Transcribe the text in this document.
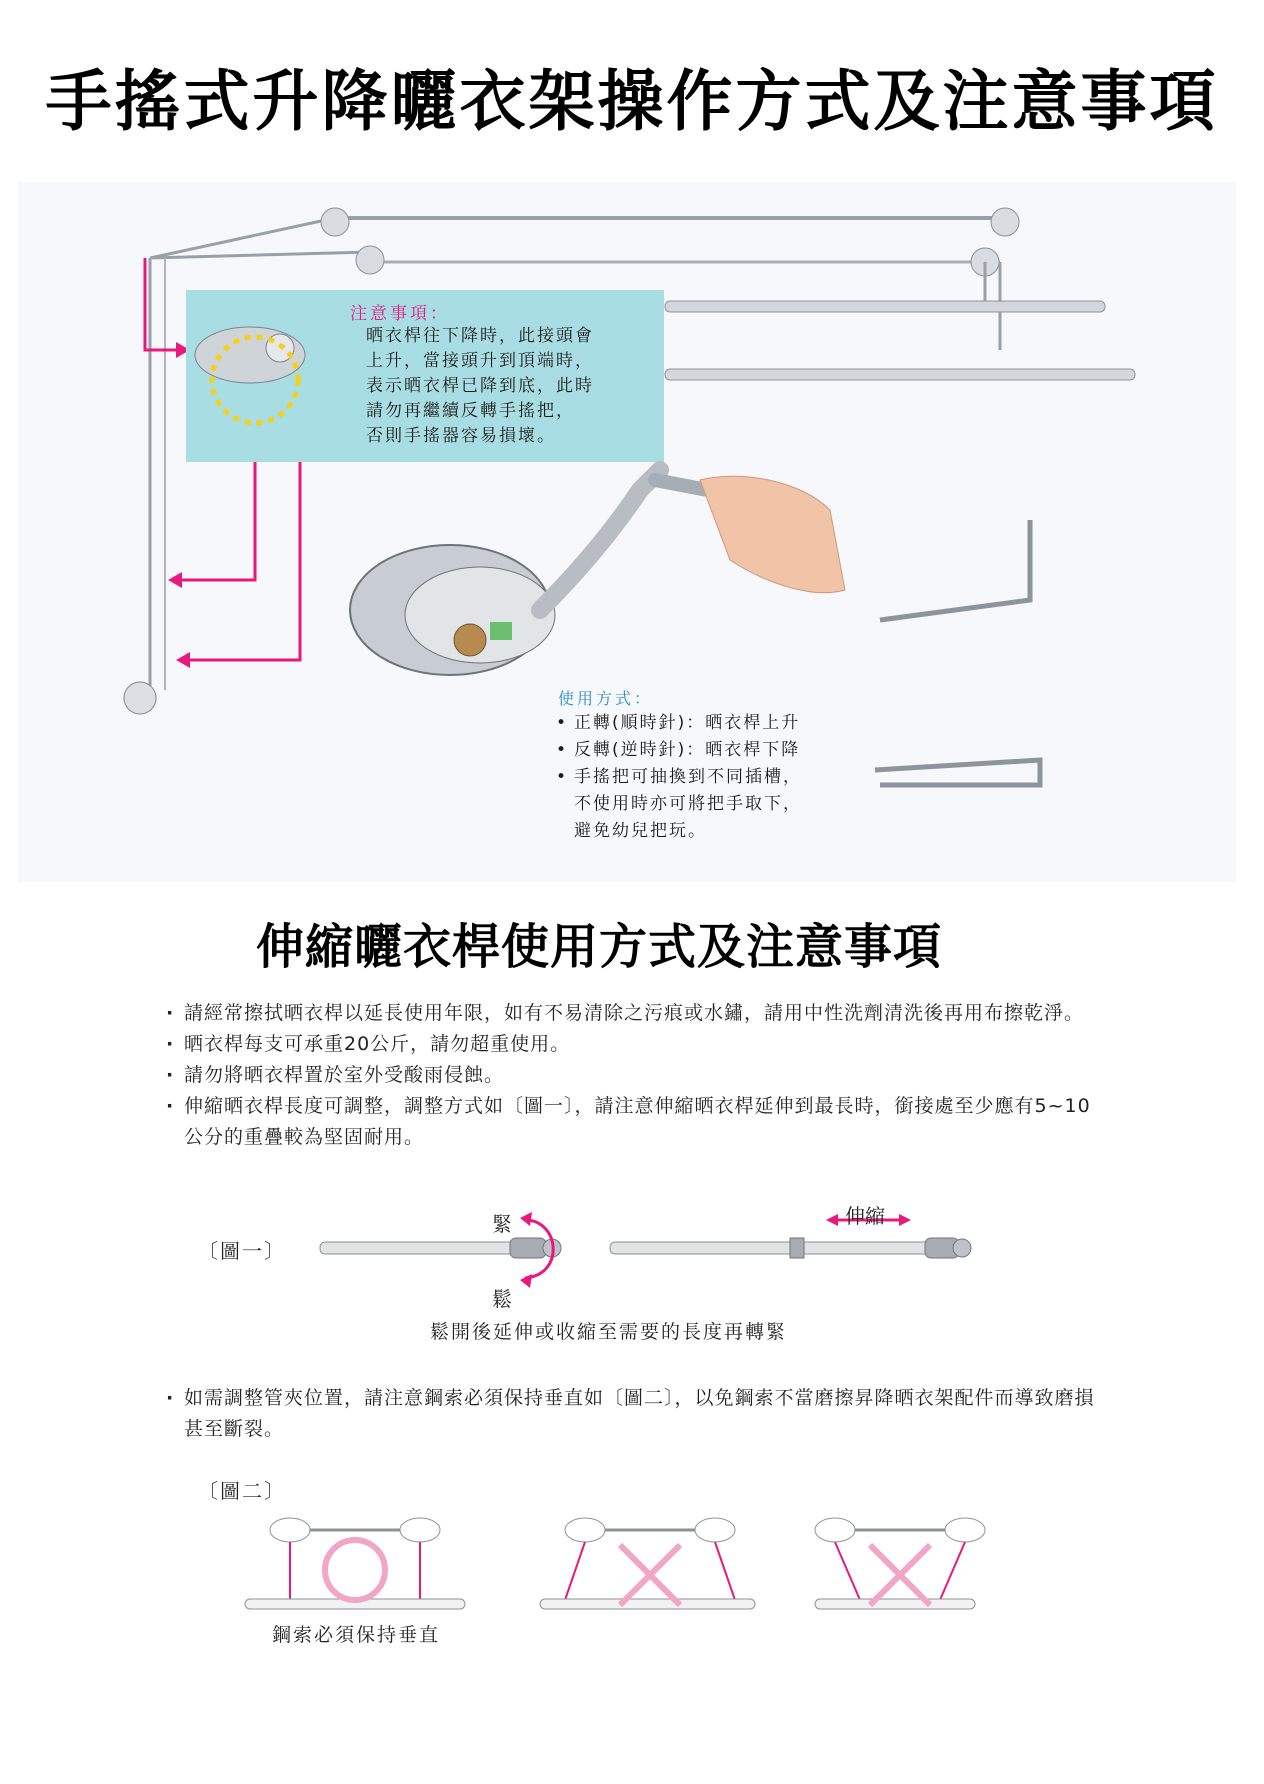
手搖式升降曬衣架操作方式及注意事項
注意事項：
晒衣桿往下降時，此接頭會
上升，當接頭升到頂端時，
表示晒衣桿已降到底，此時
請勿再繼續反轉手搖把，
否則手搖器容易損壞。
使用方式：
• 正轉(順時針)：晒衣桿上升
• 反轉(逆時針)：晒衣桿下降
• 手搖把可抽換到不同插槽，
不使用時亦可將把手取下，
避免幼兒把玩。
伸縮曬衣桿使用方式及注意事項
· 請經常擦拭晒衣桿以延長使用年限，如有不易清除之污痕或水鏽，請用中性洗劑清洗後再用布擦乾淨。
· 晒衣桿每支可承重20公斤，請勿超重使用。
· 請勿將晒衣桿置於室外受酸雨侵蝕。
· 伸縮晒衣桿長度可調整，調整方式如〔圖一〕，請注意伸縮晒衣桿延伸到最長時，銜接處至少應有5~10公分的重疊較為堅固耐用。
〔圖一〕
緊
鬆
伸縮
鬆開後延伸或收縮至需要的長度再轉緊
· 如需調整管夾位置，請注意鋼索必須保持垂直如〔圖二〕，以免鋼索不當磨擦昇降晒衣架配件而導致磨損甚至斷裂。
〔圖二〕
鋼索必須保持垂直
